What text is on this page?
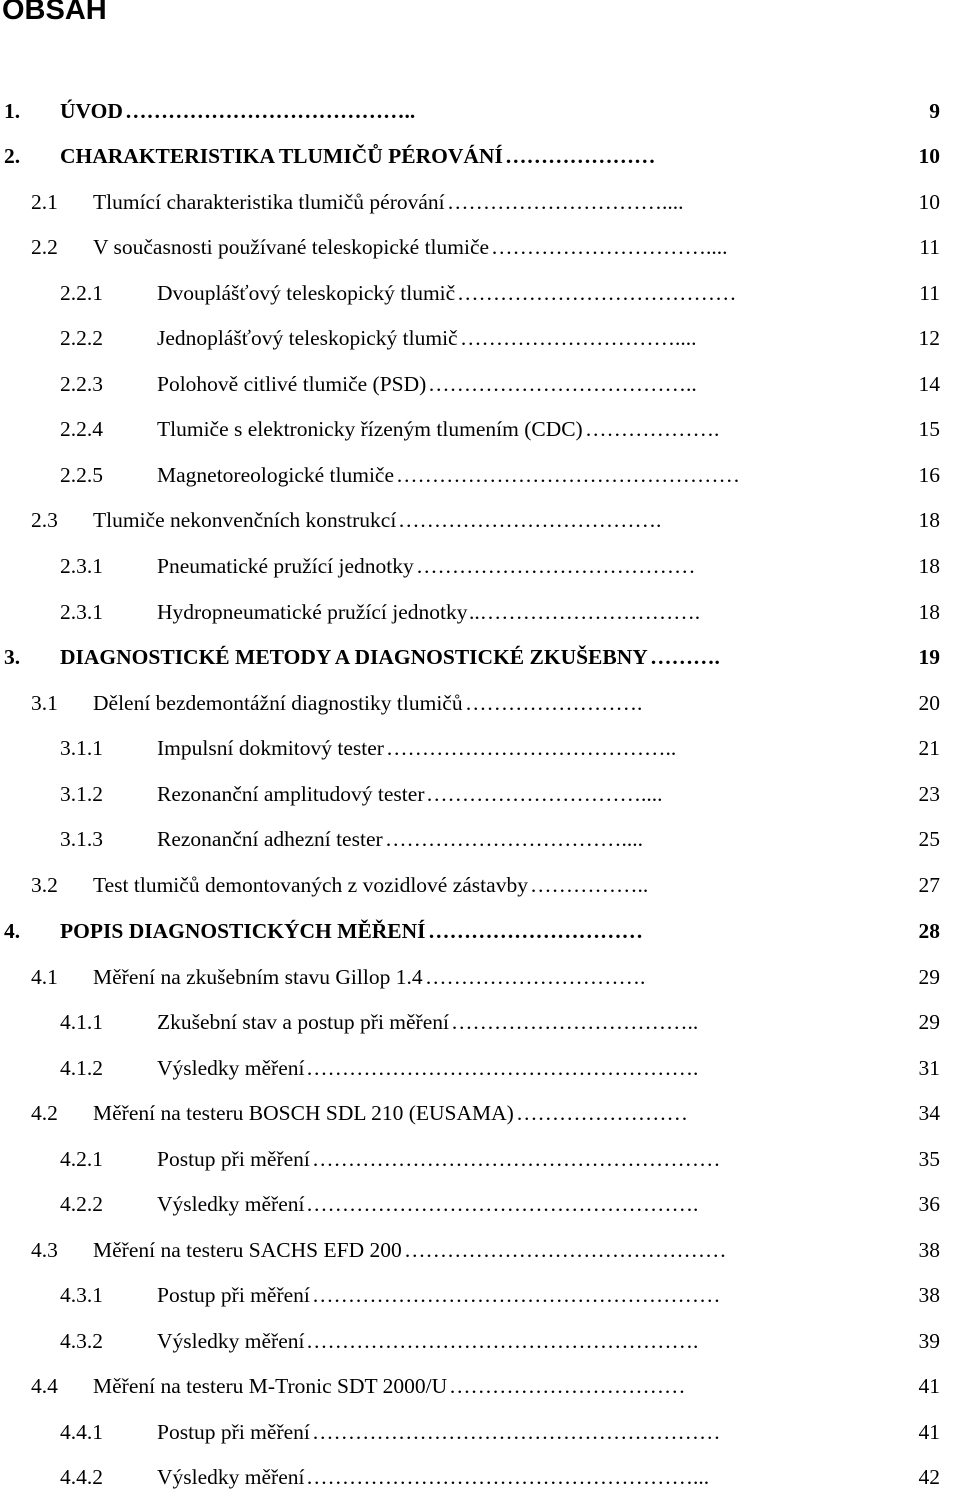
OBSAH
1. ÚVOD …………………………………..	9
2. CHARAKTERISTIKA TLUMIČŮ PÉROVÁNÍ …………………	10
2.1 Tlumící charakteristika tlumičů pérování …………………………....	10
2.2 V současnosti používané teleskopické tlumiče …………………………....	11
2.2.1	Dvouplášťový teleskopický tlumič …………………………………	11
2.2.2	Jednoplášťový teleskopický tlumič …………………………....	12
2.2.3	Polohově citlivé tlumiče (PSD) ………………………………..	14
2.2.4	Tlumiče s elektronicky řízeným tlumením (CDC) ……………….	15
2.2.5	Magnetoreologické tlumiče …………………………………………	16
2.3 Tlumiče nekonvenčních konstrukcí ……………………………….	18
2.3.1	Pneumatické pružící jednotky …………………………………	18
2.3.1	Hydropneumatické pružící jednotky ..………………………….	18
3. DIAGNOSTICKÉ METODY A DIAGNOSTICKÉ ZKUŠEBNY ……….	19
3.1 Dělení bezdemontážní diagnostiky tlumičů …………………….	20
3.1.1	Impulsní dokmitový tester …………………………………..	21
3.1.2	Rezonanční amplitudový tester …………………………....	23
3.1.3	Rezonanční adhezní tester ……………………………....	25
3.2 Test tlumičů demontovaných z vozidlové zástavby ……………..	27
4. POPIS DIAGNOSTICKÝCH MĚŘENÍ …………………………	28
4.1 Měření na zkušebním stavu Gillop 1.4 ………………………….	29
4.1.1	Zkušební stav a postup při měření ……………………………..	29
4.1.2	Výsledky měření ……………………………………………….	31
4.2 Měření na testeru BOSCH SDL 210 (EUSAMA) ……………………	34
4.2.1	Postup při měření …………………………………………………	35
4.2.2	Výsledky měření ……………………………………………….	36
4.3 Měření na testeru SACHS EFD 200 ………………………………………	38
4.3.1	Postup při měření …………………………………………………	38
4.3.2	Výsledky měření ……………………………………………….	39
4.4 Měření na testeru M-Tronic SDT 2000/U ……………………………	41
4.4.1	Postup při měření …………………………………………………	41
4.4.2	Výsledky měření ………………………………………………...	42
